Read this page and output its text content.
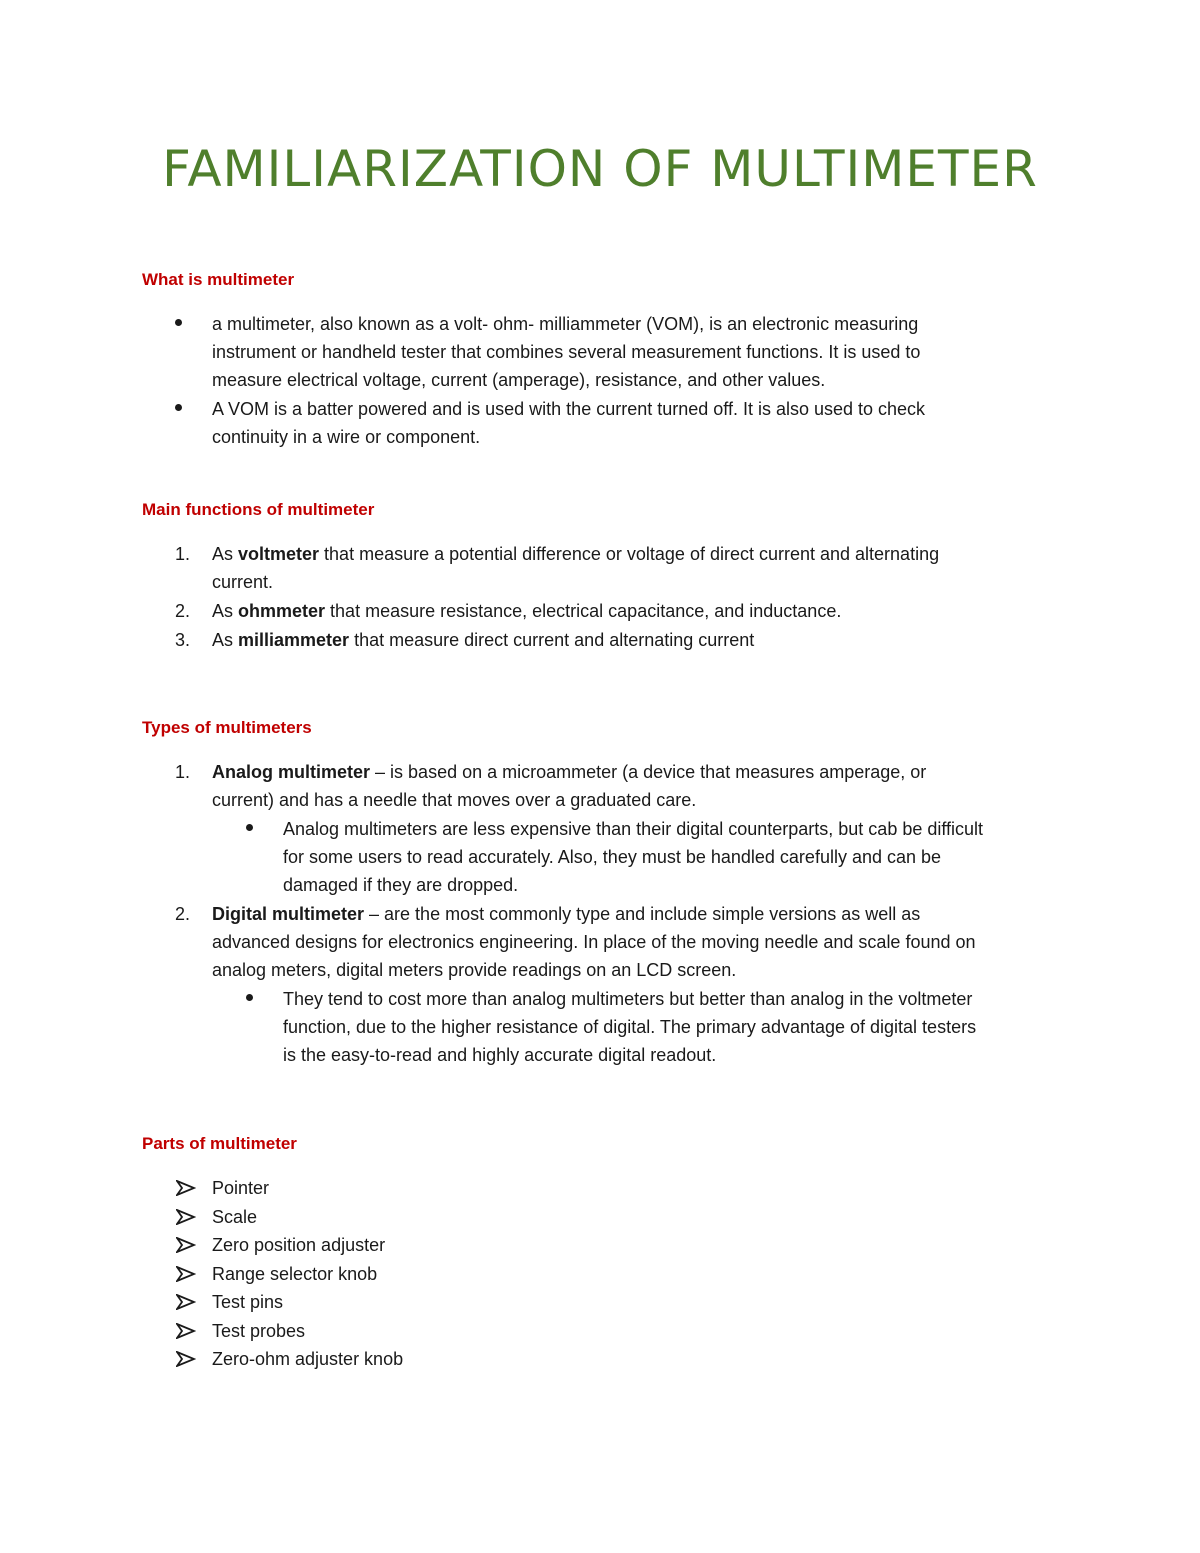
FAMILIARIZATION OF MULTIMETER
What is multimeter
a multimeter, also known as a volt- ohm- milliammeter (VOM), is an electronic measuring
instrument or handheld tester that combines several measurement functions. It is used to
measure electrical voltage, current (amperage), resistance, and other values.
A VOM is a batter powered and is used with the current turned off. It is also used to check
continuity in a wire or component.
Main functions of multimeter
1. As voltmeter that measure a potential difference or voltage of direct current and alternating
current.
2. As ohmmeter that measure resistance, electrical capacitance, and inductance.
3. As milliammeter that measure direct current and alternating current
Types of multimeters
1. Analog multimeter – is based on a microammeter (a device that measures amperage, or
current) and has a needle that moves over a graduated care.
Analog multimeters are less expensive than their digital counterparts, but cab be difficult
for some users to read accurately. Also, they must be handled carefully and can be
damaged if they are dropped.
2. Digital multimeter – are the most commonly type and include simple versions as well as
advanced designs for electronics engineering. In place of the moving needle and scale found on
analog meters, digital meters provide readings on an LCD screen.
They tend to cost more than analog multimeters but better than analog in the voltmeter
function, due to the higher resistance of digital. The primary advantage of digital testers
is the easy-to-read and highly accurate digital readout.
Parts of multimeter
Pointer
Scale
Zero position adjuster
Range selector knob
Test pins
Test probes
Zero-ohm adjuster knob
